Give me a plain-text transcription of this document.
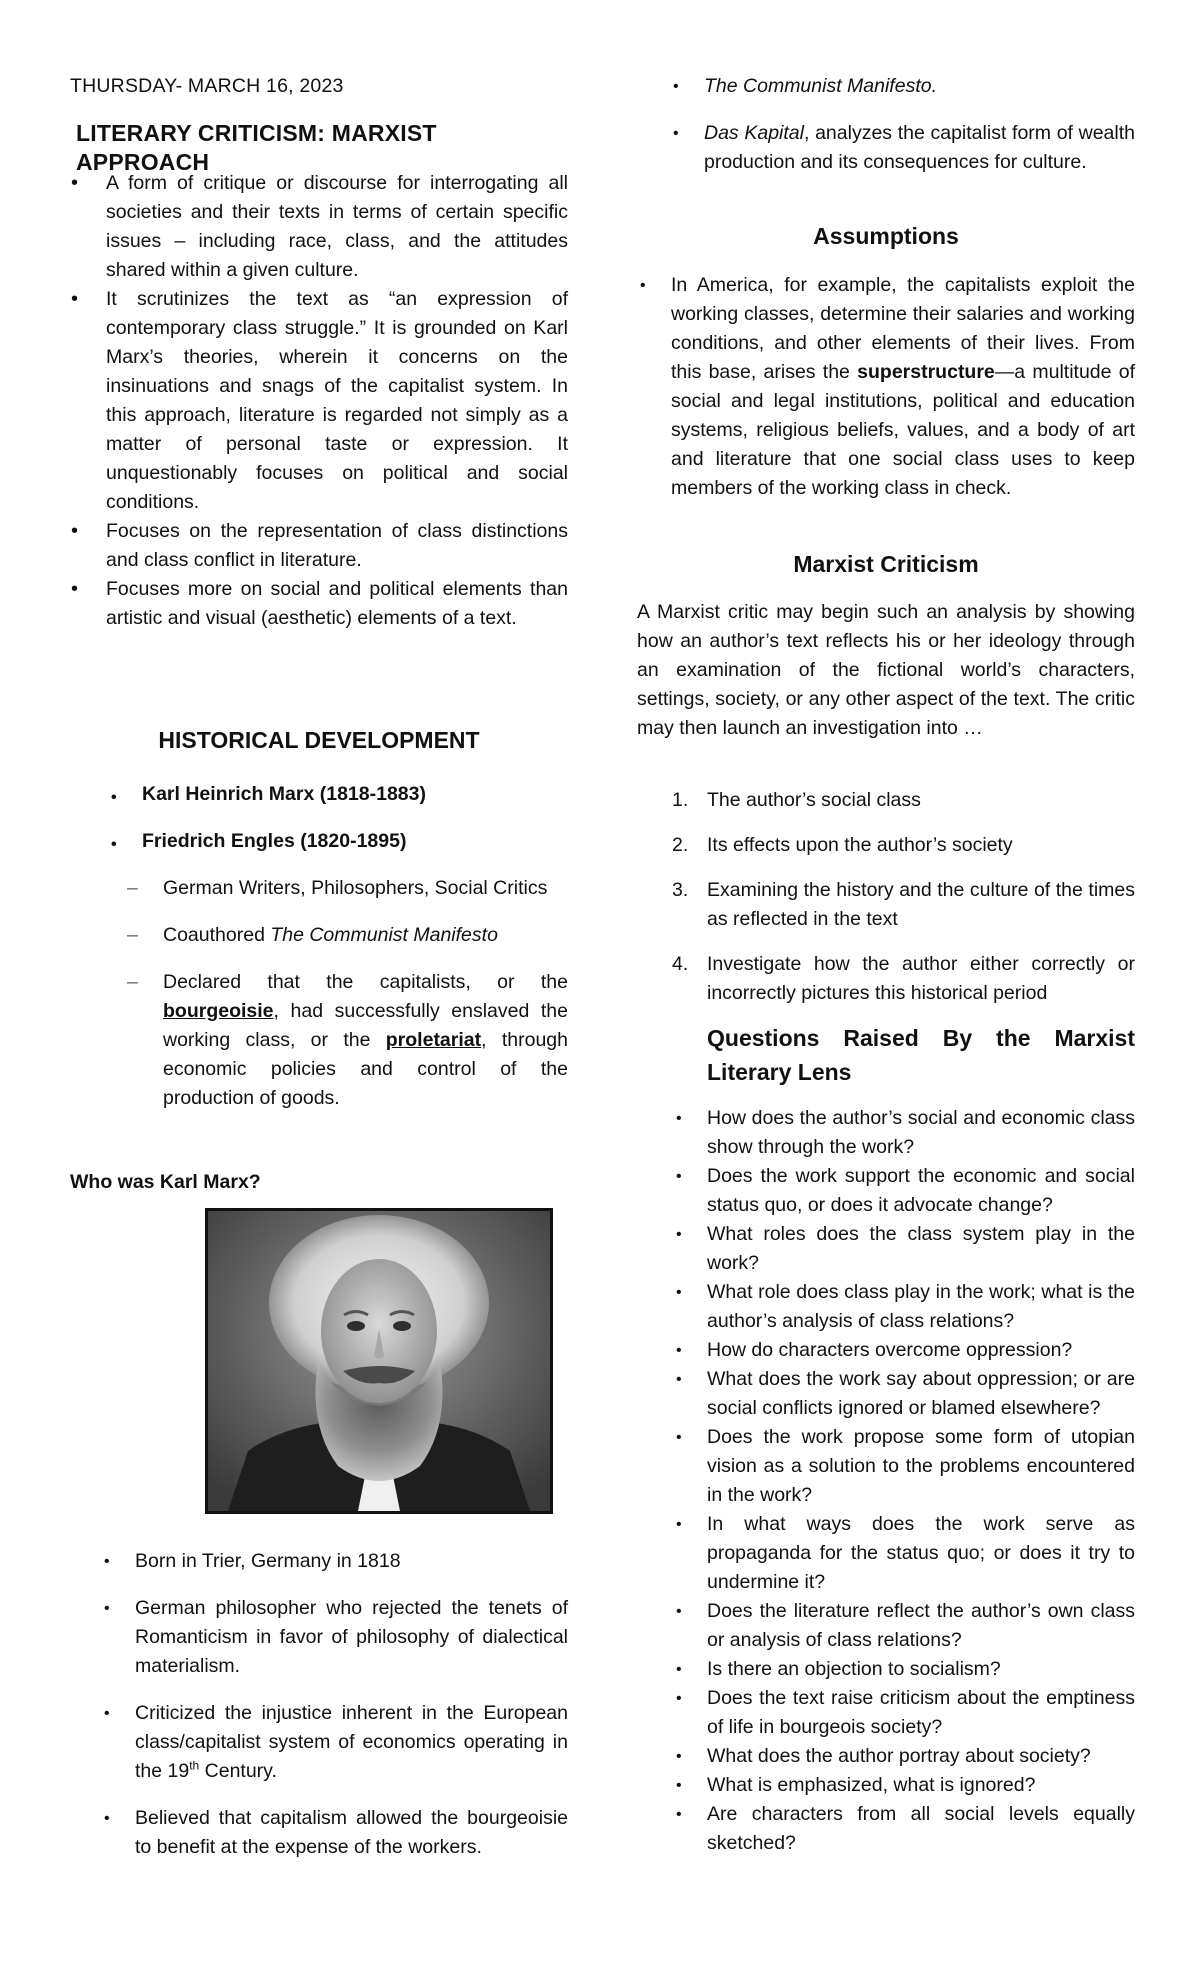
THURSDAY- MARCH 16, 2023

LITERARY CRITICISM: MARXIST APPROACH

• A form of critique or discourse for interrogating all societies and their texts in terms of certain specific issues – including race, class, and the attitudes shared within a given culture.
• It scrutinizes the text as “an expression of contemporary class struggle.” It is grounded on Karl Marx’s theories, wherein it concerns on the insinuations and snags of the capitalist system. In this approach, literature is regarded not simply as a matter of personal taste or expression. It unquestionably focuses on political and social conditions.
• Focuses on the representation of class distinctions and class conflict in literature.
• Focuses more on social and political elements than artistic and visual (aesthetic) elements of a text.

HISTORICAL DEVELOPMENT

Karl Heinrich Marx (1818-1883)

Friedrich Engles (1820-1895)

– German Writers, Philosophers, Social Critics
– Coauthored The Communist Manifesto
– Declared that the capitalists, or the bourgeoisie, had successfully enslaved the working class, or the proletariat, through economic policies and control of the production of goods.

Who was Karl Marx?

• Born in Trier, Germany in 1818
• German philosopher who rejected the tenets of Romanticism in favor of philosophy of dialectical materialism.
• Criticized the injustice inherent in the European class/capitalist system of economics operating in the 19th Century.
• Believed that capitalism allowed the bourgeoisie to benefit at the expense of the workers.
• The Communist Manifesto.
• Das Kapital, analyzes the capitalist form of wealth production and its consequences for culture.

Assumptions

• In America, for example, the capitalists exploit the working classes, determine their salaries and working conditions, and other elements of their lives. From this base, arises the superstructure—a multitude of social and legal institutions, political and education systems, religious beliefs, values, and a body of art and literature that one social class uses to keep members of the working class in check.

Marxist Criticism

A Marxist critic may begin such an analysis by showing how an author’s text reflects his or her ideology through an examination of the fictional world’s characters, settings, society, or any other aspect of the text. The critic may then launch an investigation into …

1. The author’s social class
2. Its effects upon the author’s society
3. Examining the history and the culture of the times as reflected in the text
4. Investigate how the author either correctly or incorrectly pictures this historical period

Questions Raised By the Marxist Literary Lens

• How does the author’s social and economic class show through the work?
• Does the work support the economic and social status quo, or does it advocate change?
• What roles does the class system play in the work?
• What role does class play in the work; what is the author’s analysis of class relations?
• How do characters overcome oppression?
• What does the work say about oppression; or are social conflicts ignored or blamed elsewhere?
• Does the work propose some form of utopian vision as a solution to the problems encountered in the work?
• In what ways does the work serve as propaganda for the status quo; or does it try to undermine it?
• Does the literature reflect the author’s own class or analysis of class relations?
• Is there an objection to socialism?
• Does the text raise criticism about the emptiness of life in bourgeois society?
• What does the author portray about society?
• What is emphasized, what is ignored?
• Are characters from all social levels equally sketched?
